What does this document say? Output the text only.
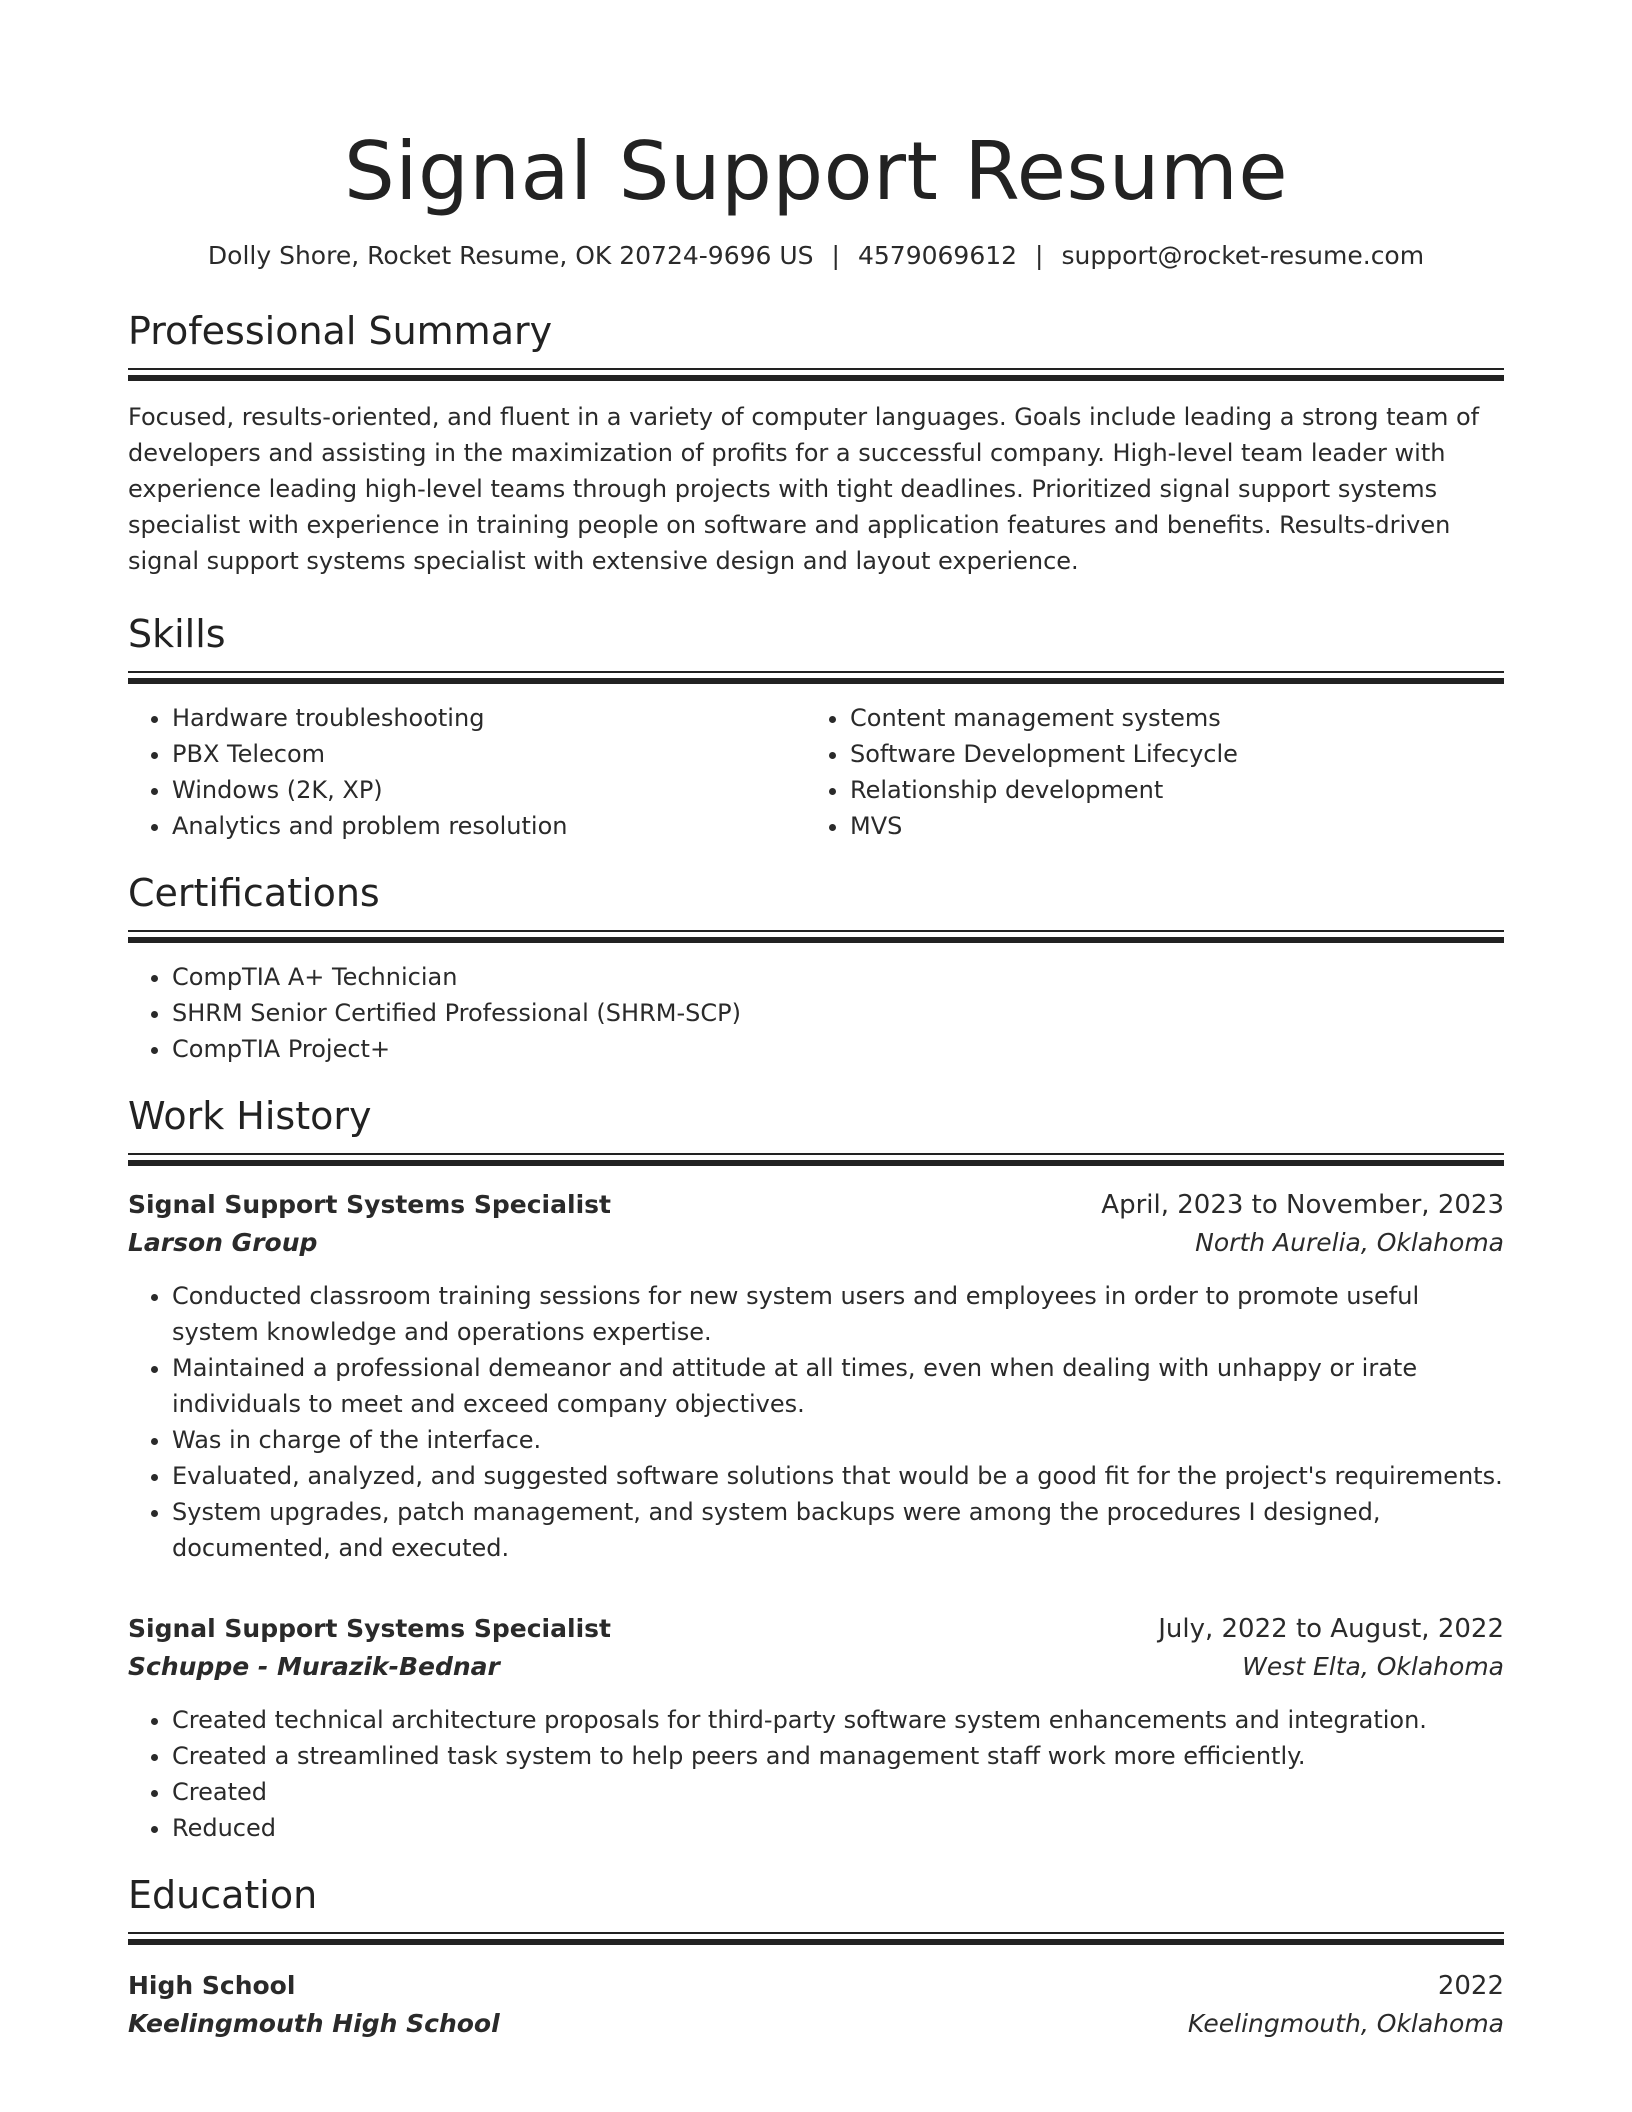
Signal Support Resume
Dolly Shore, Rocket Resume, OK 20724-9696 US | 4579069612 | support@rocket-resume.com
Professional Summary
Focused, results-oriented, and fluent in a variety of computer languages. Goals include leading a strong team of developers and assisting in the maximization of profits for a successful company. High-level team leader with experience leading high-level teams through projects with tight deadlines. Prioritized signal support systems specialist with experience in training people on software and application features and benefits. Results-driven signal support systems specialist with extensive design and layout experience.
Skills
• Hardware troubleshooting
• PBX Telecom
• Windows (2K, XP)
• Analytics and problem resolution
• Content management systems
• Software Development Lifecycle
• Relationship development
• MVS
Certifications
• CompTIA A+ Technician
• SHRM Senior Certified Professional (SHRM-SCP)
• CompTIA Project+
Work History
Signal Support Systems Specialist	April, 2023 to November, 2023
Larson Group	North Aurelia, Oklahoma
• Conducted classroom training sessions for new system users and employees in order to promote useful system knowledge and operations expertise.
• Maintained a professional demeanor and attitude at all times, even when dealing with unhappy or irate individuals to meet and exceed company objectives.
• Was in charge of the interface.
• Evaluated, analyzed, and suggested software solutions that would be a good fit for the project's requirements.
• System upgrades, patch management, and system backups were among the procedures I designed, documented, and executed.
Signal Support Systems Specialist	July, 2022 to August, 2022
Schuppe - Murazik-Bednar	West Elta, Oklahoma
• Created technical architecture proposals for third-party software system enhancements and integration.
• Created a streamlined task system to help peers and management staff work more efficiently.
• Created
• Reduced
Education
High School	2022
Keelingmouth High School	Keelingmouth, Oklahoma
